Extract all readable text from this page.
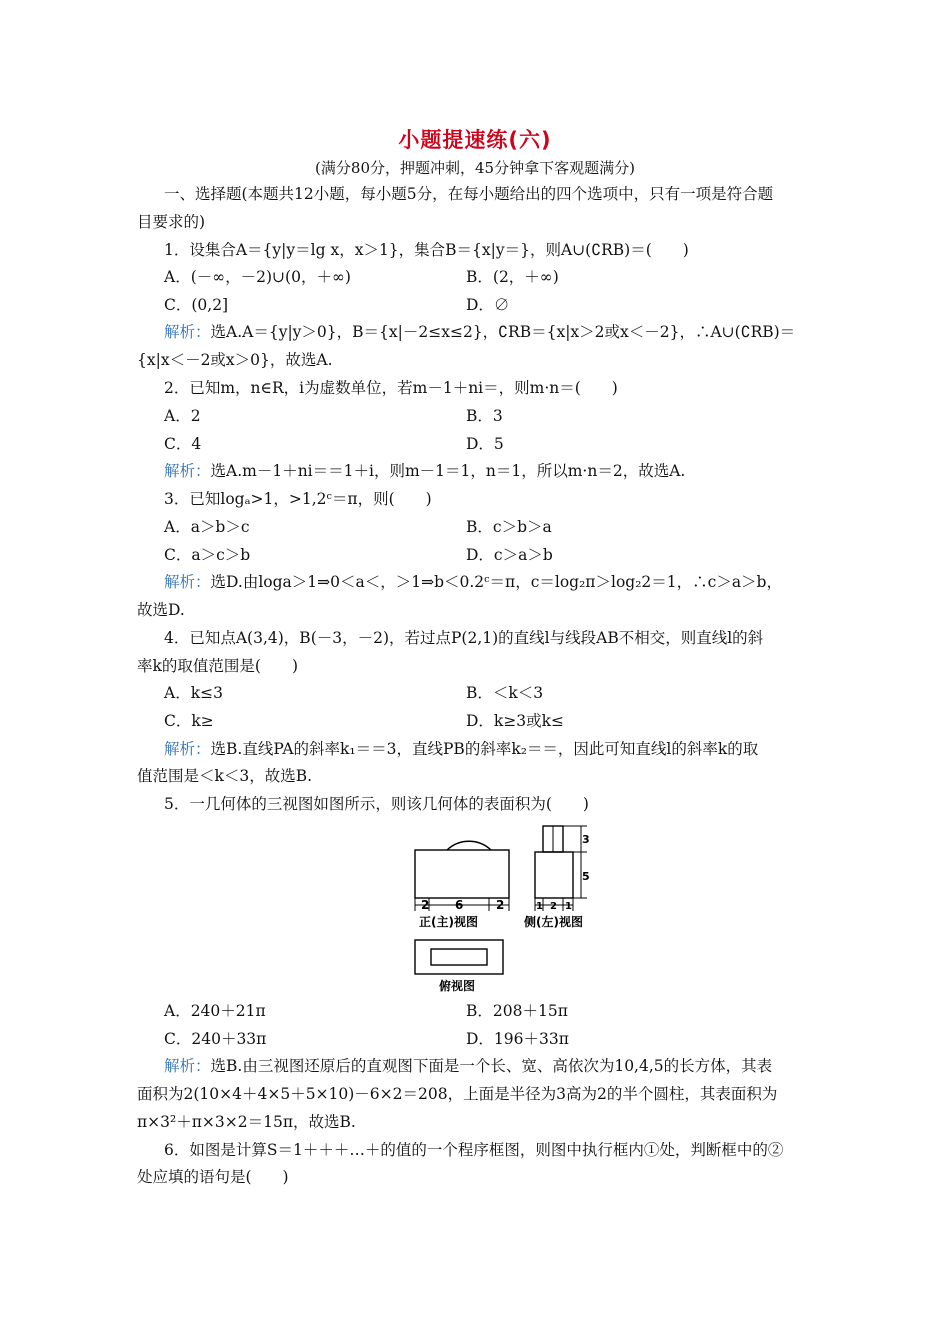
小题提速练(六)
(满分80分，押题冲刺，45分钟拿下客观题满分)
一、选择题(本题共12小题，每小题5分，在每小题给出的四个选项中，只有一项是符合题
目要求的)
1．设集合A＝{y|y＝lg x，x＞1}，集合B＝{x|y＝}，则A∪(∁RB)＝(　　)
A．(－∞，－2)∪(0，＋∞)	B．(2，＋∞)
C．(0,2]	D．∅
解析：选A.A＝{y|y＞0}，B＝{x|－2≤x≤2}，∁RB＝{x|x＞2或x＜－2}，∴A∪(∁RB)＝
{x|x＜－2或x＞0}，故选A.
2．已知m，n∈R，i为虚数单位，若m－1＋ni＝，则m·n＝(　　)
A．2	B．3
C．4	D．5
解析：选A.m－1＋ni＝＝1＋i，则m－1＝1，n＝1，所以m·n＝2，故选A.
3．已知logₐ>1，>1,2ᶜ＝π，则(　　)
A．a＞b＞c	B．c＞b＞a
C．a＞c＞b	D．c＞a＞b
解析：选D.由loga＞1⇒0＜a＜，＞1⇒b＜0.2ᶜ＝π，c＝log₂π＞log₂2＝1，∴c＞a＞b，
故选D.
4．已知点A(3,4)，B(－3，－2)，若过点P(2,1)的直线l与线段AB不相交，则直线l的斜
率k的取值范围是(　　)
A．k≤3	B．＜k＜3
C．k≥	D．k≥3或k≤
解析：选B.直线PA的斜率k₁＝＝3，直线PB的斜率k₂＝＝，因此可知直线l的斜率k的取
值范围是＜k＜3，故选B.
5．一几何体的三视图如图所示，则该几何体的表面积为(　　)
2 6	2
正(主)视图
1 2 1
3
5
侧(左)视图
俯视图
A．240＋21π	B．208＋15π
C．240＋33π	D．196＋33π
解析：选B.由三视图还原后的直观图下面是一个长、宽、高依次为10,4,5的长方体，其表
面积为2(10×4＋4×5＋5×10)－6×2＝208，上面是半径为3高为2的半个圆柱，其表面积为
π×3²＋π×3×2＝15π，故选B.
6．如图是计算S＝1＋＋＋…＋的值的一个程序框图，则图中执行框内①处，判断框中的②
处应填的语句是(　　)
